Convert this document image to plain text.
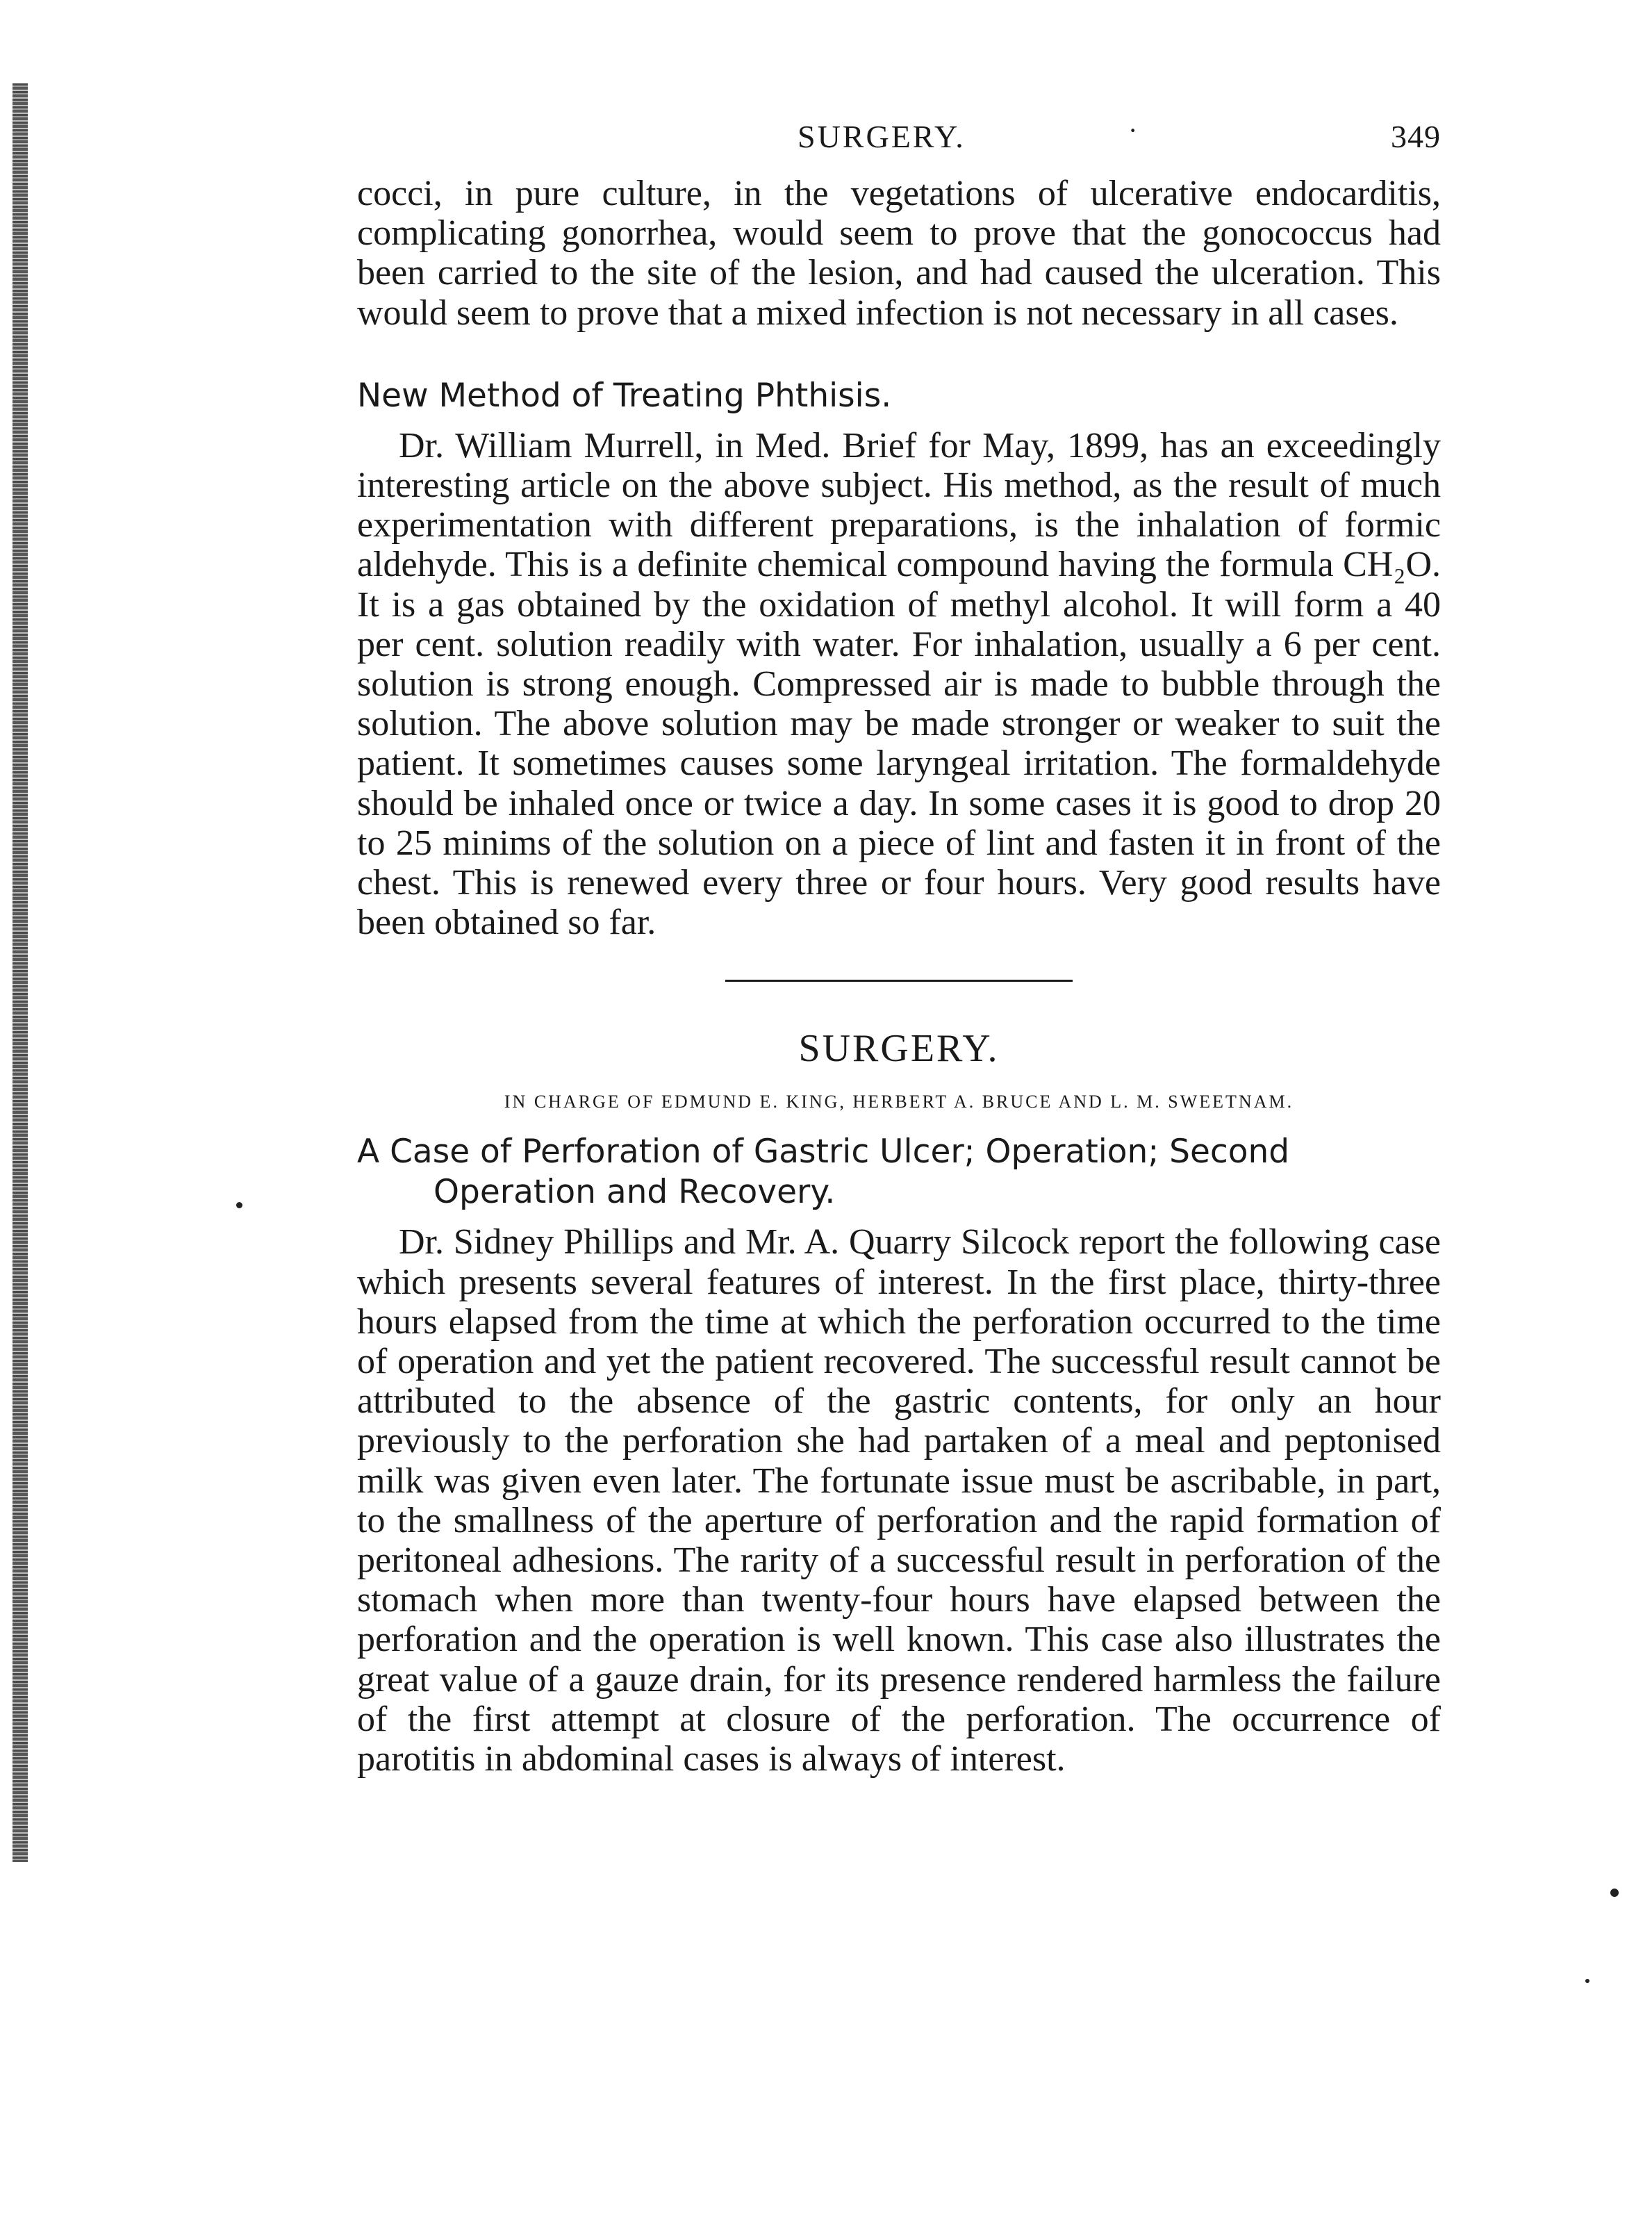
SURGERY.	·	349

cocci, in pure culture, in the vegetations of ulcerative endocarditis, complicating gonorrhea, would seem to prove that the gonococcus had been carried to the site of the lesion, and had caused the ulceration. This would seem to prove that a mixed infection is not necessary in all cases.

New Method of Treating Phthisis.

Dr. William Murrell, in Med. Brief for May, 1899, has an exceedingly interesting article on the above subject. His method, as the result of much experimentation with different preparations, is the inhalation of formic aldehyde. This is a definite chemical compound having the formula CH₂O. It is a gas obtained by the oxidation of methyl alcohol. It will form a 40 per cent. solution readily with water. For inhalation, usually a 6 per cent. solution is strong enough. Compressed air is made to bubble through the solution. The above solution may be made stronger or weaker to suit the patient. It sometimes causes some laryngeal irritation. The formaldehyde should be inhaled once or twice a day. In some cases it is good to drop 20 to 25 minims of the solution on a piece of lint and fasten it in front of the chest. This is renewed every three or four hours. Very good results have been obtained so far.

SURGERY.
IN CHARGE OF EDMUND E. KING, HERBERT A. BRUCE AND L. M. SWEETNAM.
A Case of Perforation of Gastric Ulcer; Operation; Second Operation and Recovery.

Dr. Sidney Phillips and Mr. A. Quarry Silcock report the following case which presents several features of interest. In the first place, thirty-three hours elapsed from the time at which the perforation occurred to the time of operation and yet the patient recovered. The successful result cannot be attributed to the absence of the gastric contents, for only an hour previously to the perforation she had partaken of a meal and peptonised milk was given even later. The fortunate issue must be ascribable, in part, to the smallness of the aperture of perforation and the rapid formation of peritoneal adhesions. The rarity of a successful result in perforation of the stomach when more than twenty-four hours have elapsed between the perforation and the operation is well known. This case also illustrates the great value of a gauze drain, for its presence rendered harmless the failure of the first attempt at closure of the perforation. The occurrence of parotitis in abdominal cases is always of interest.
